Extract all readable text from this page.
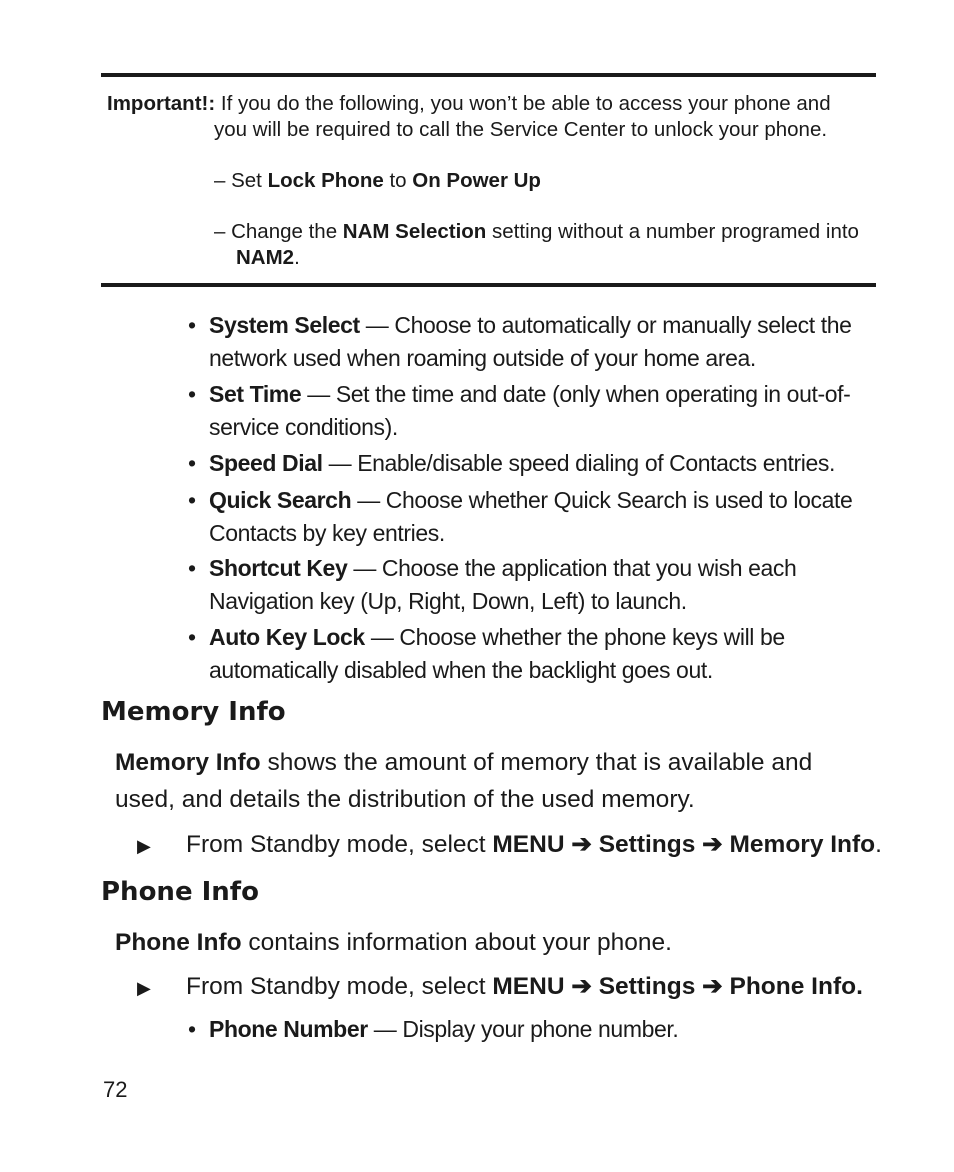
Important!: If you do the following, you won’t be able to access your phone and
you will be required to call the Service Center to unlock your phone.
– Set Lock Phone to On Power Up
– Change the NAM Selection setting without a number programed into
NAM2.
• System Select — Choose to automatically or manually select the network used when roaming outside of your home area.
• Set Time — Set the time and date (only when operating in out-of-service conditions).
• Speed Dial — Enable/disable speed dialing of Contacts entries.
• Quick Search — Choose whether Quick Search is used to locate Contacts by key entries.
• Shortcut Key — Choose the application that you wish each Navigation key (Up, Right, Down, Left) to launch.
• Auto Key Lock — Choose whether the phone keys will be automatically disabled when the backlight goes out.
Memory Info

Memory Info shows the amount of memory that is available and
used, and details the distribution of the used memory.

▶ From Standby mode, select MENU ➔ Settings ➔ Memory Info.
Phone Info

Phone Info contains information about your phone.

▶ From Standby mode, select MENU ➔ Settings ➔ Phone Info.
• Phone Number — Display your phone number.
72
